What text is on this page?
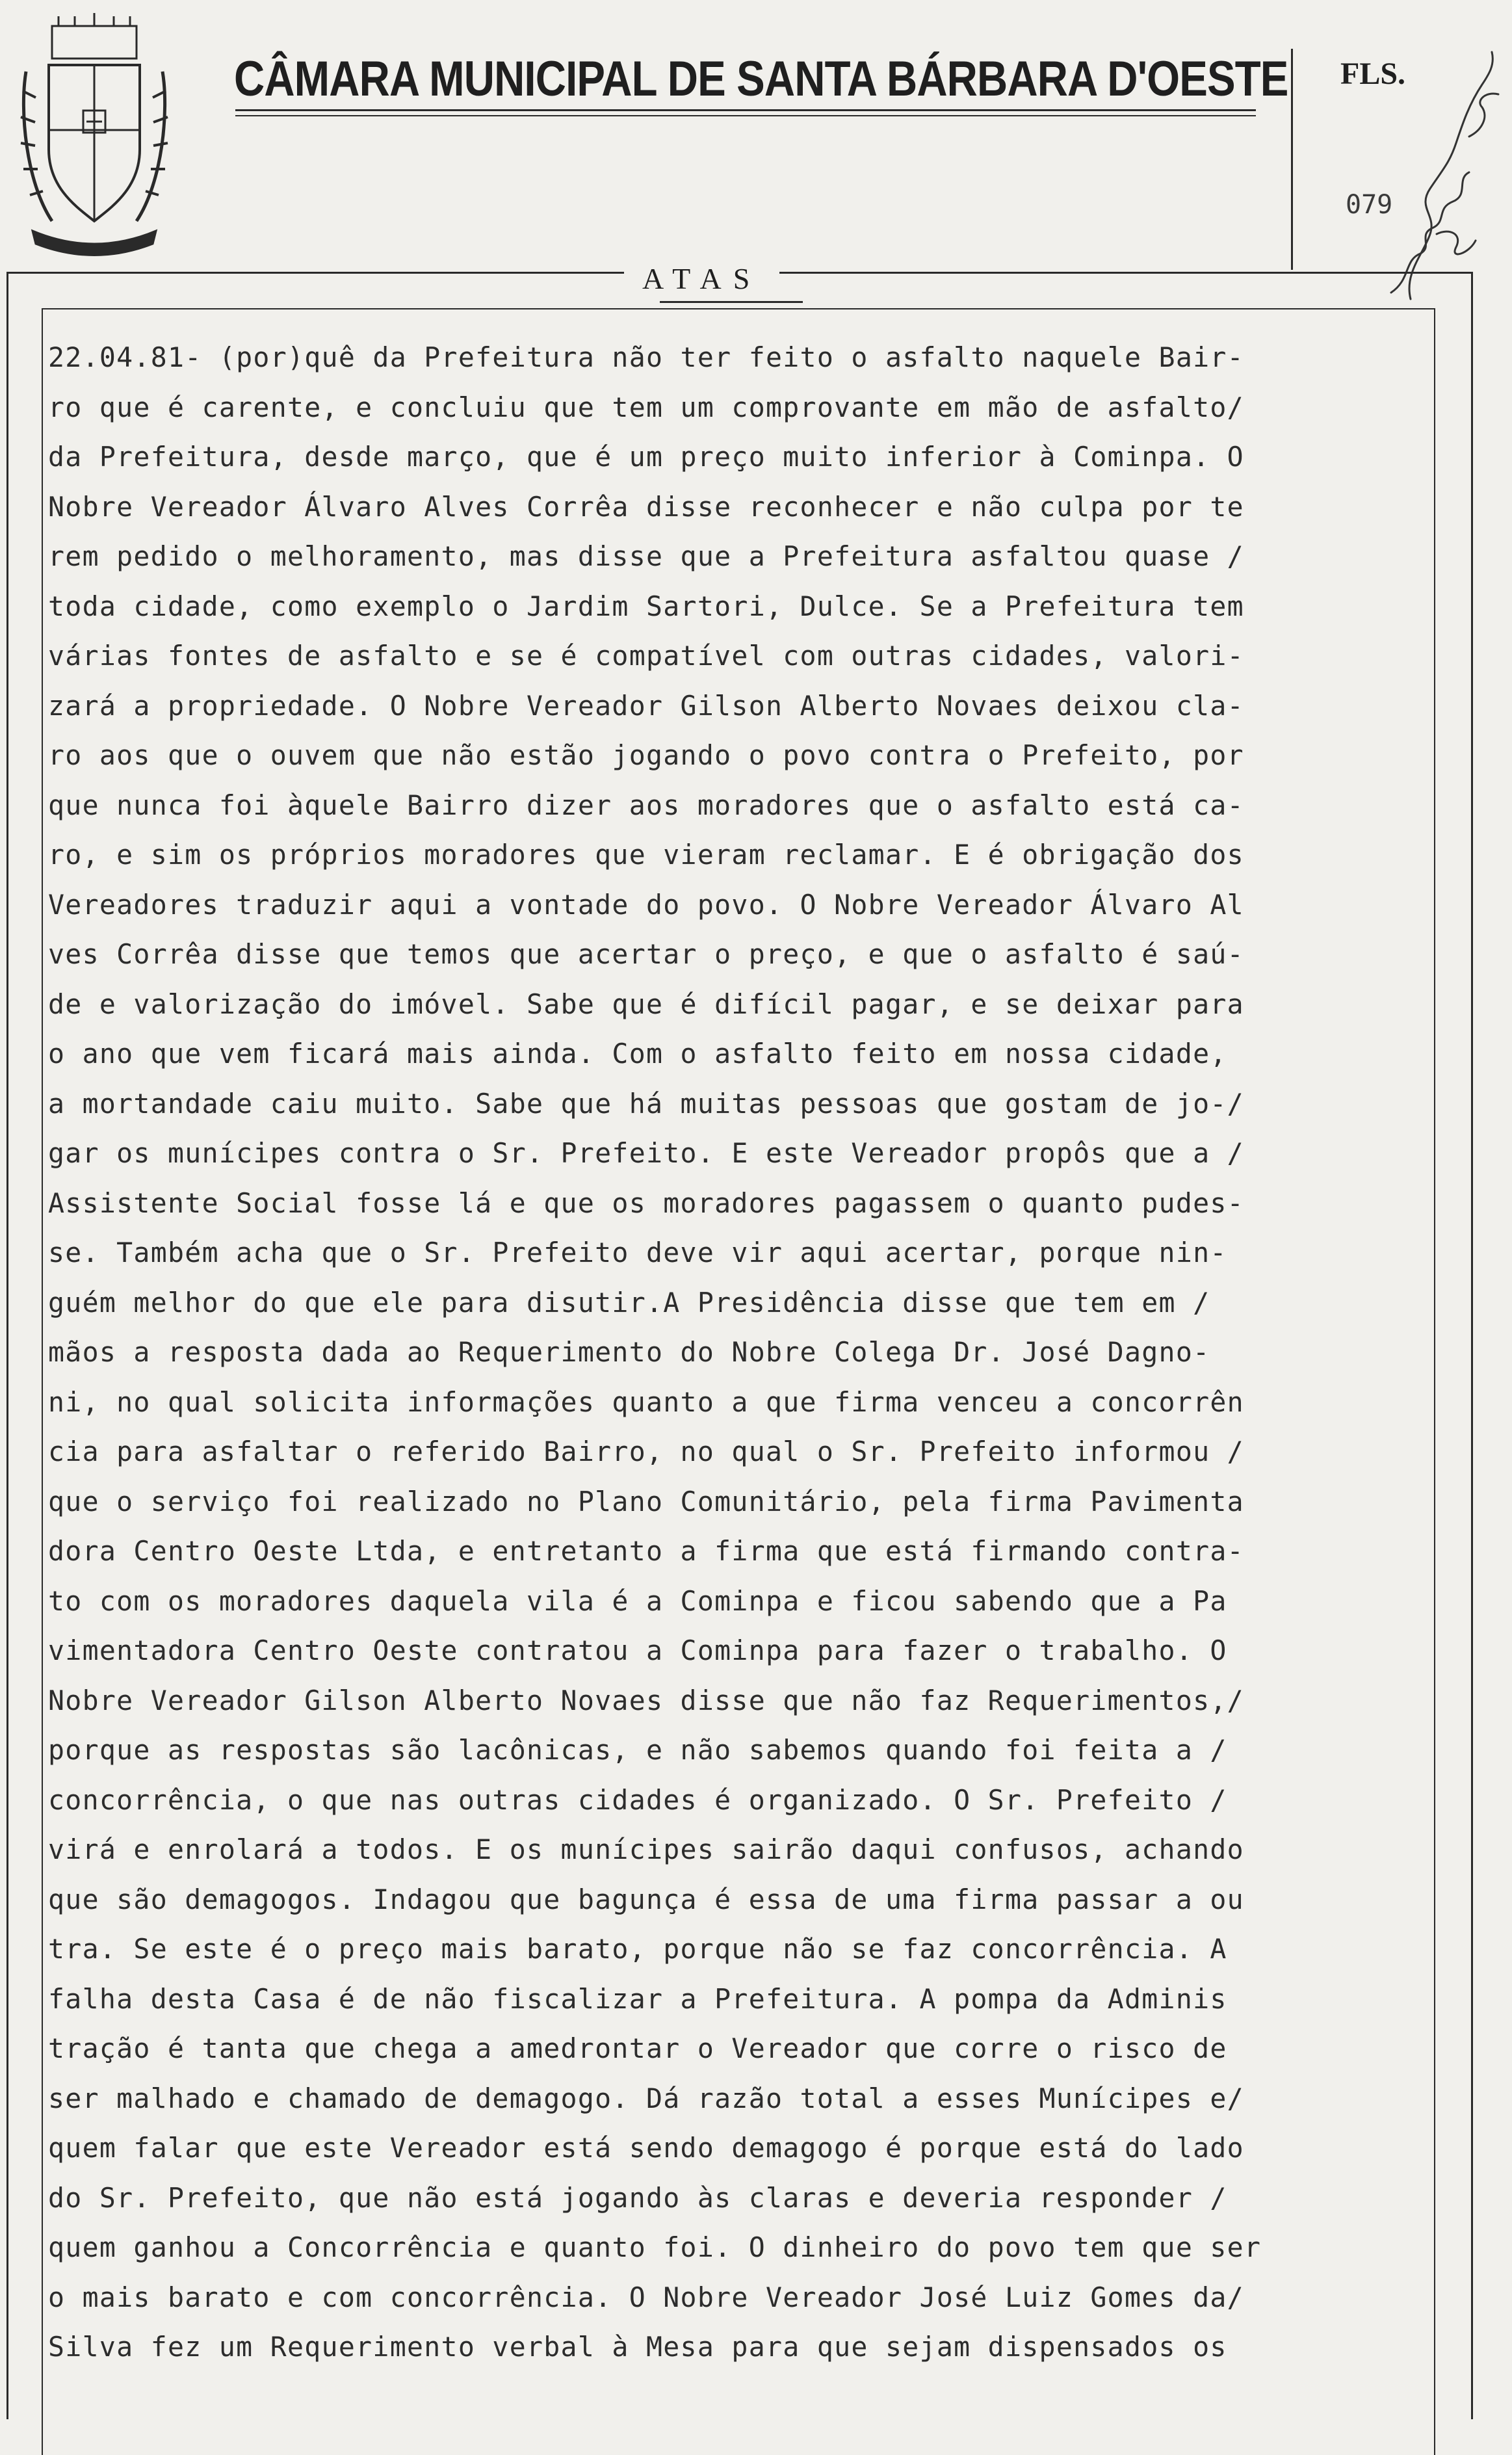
CÂMARA MUNICIPAL DE SANTA BÁRBARA D'OESTE FLS.
079
ATAS
22.04.81- (por)quê da Prefeitura não ter feito o asfalto naquele Bair-
ro que é carente, e concluiu que tem um comprovante em mão de asfalto/
da Prefeitura, desde março, que é um preço muito inferior à Cominpa. O
Nobre Vereador Álvaro Alves Corrêa disse reconhecer e não culpa por te
rem pedido o melhoramento, mas disse que a Prefeitura asfaltou quase /
toda cidade, como exemplo o Jardim Sartori, Dulce. Se a Prefeitura tem
várias fontes de asfalto e se é compatível com outras cidades, valori-
zará a propriedade. O Nobre Vereador Gilson Alberto Novaes deixou cla-
ro aos que o ouvem que não estão jogando o povo contra o Prefeito, por
que nunca foi àquele Bairro dizer aos moradores que o asfalto está ca-
ro, e sim os próprios moradores que vieram reclamar. E é obrigação dos
Vereadores traduzir aqui a vontade do povo. O Nobre Vereador Álvaro Al
ves Corrêa disse que temos que acertar o preço, e que o asfalto é saú-
de e valorização do imóvel. Sabe que é difícil pagar, e se deixar para
o ano que vem ficará mais ainda. Com o asfalto feito em nossa cidade,
a mortandade caiu muito. Sabe que há muitas pessoas que gostam de jo-/
gar os munícipes contra o Sr. Prefeito. E este Vereador propôs que a /
Assistente Social fosse lá e que os moradores pagassem o quanto pudes-
se. Também acha que o Sr. Prefeito deve vir aqui acertar, porque nin-
guém melhor do que ele para disutir.A Presidência disse que tem em /
mãos a resposta dada ao Requerimento do Nobre Colega Dr. José Dagno-
ni, no qual solicita informações quanto a que firma venceu a concorrên
cia para asfaltar o referido Bairro, no qual o Sr. Prefeito informou /
que o serviço foi realizado no Plano Comunitário, pela firma Pavimenta
dora Centro Oeste Ltda, e entretanto a firma que está firmando contra-
to com os moradores daquela vila é a Cominpa e ficou sabendo que a Pa
vimentadora Centro Oeste contratou a Cominpa para fazer o trabalho. O
Nobre Vereador Gilson Alberto Novaes disse que não faz Requerimentos,/
porque as respostas são lacônicas, e não sabemos quando foi feita a /
concorrência, o que nas outras cidades é organizado. O Sr. Prefeito /
virá e enrolará a todos. E os munícipes sairão daqui confusos, achando
que são demagogos. Indagou que bagunça é essa de uma firma passar a ou
tra. Se este é o preço mais barato, porque não se faz concorrência. A
falha desta Casa é de não fiscalizar a Prefeitura. A pompa da Adminis
tração é tanta que chega a amedrontar o Vereador que corre o risco de
ser malhado e chamado de demagogo. Dá razão total a esses Munícipes e/
quem falar que este Vereador está sendo demagogo é porque está do lado
do Sr. Prefeito, que não está jogando às claras e deveria responder /
quem ganhou a Concorrência e quanto foi. O dinheiro do povo tem que ser
o mais barato e com concorrência. O Nobre Vereador José Luiz Gomes da/
Silva fez um Requerimento verbal à Mesa para que sejam dispensados os
